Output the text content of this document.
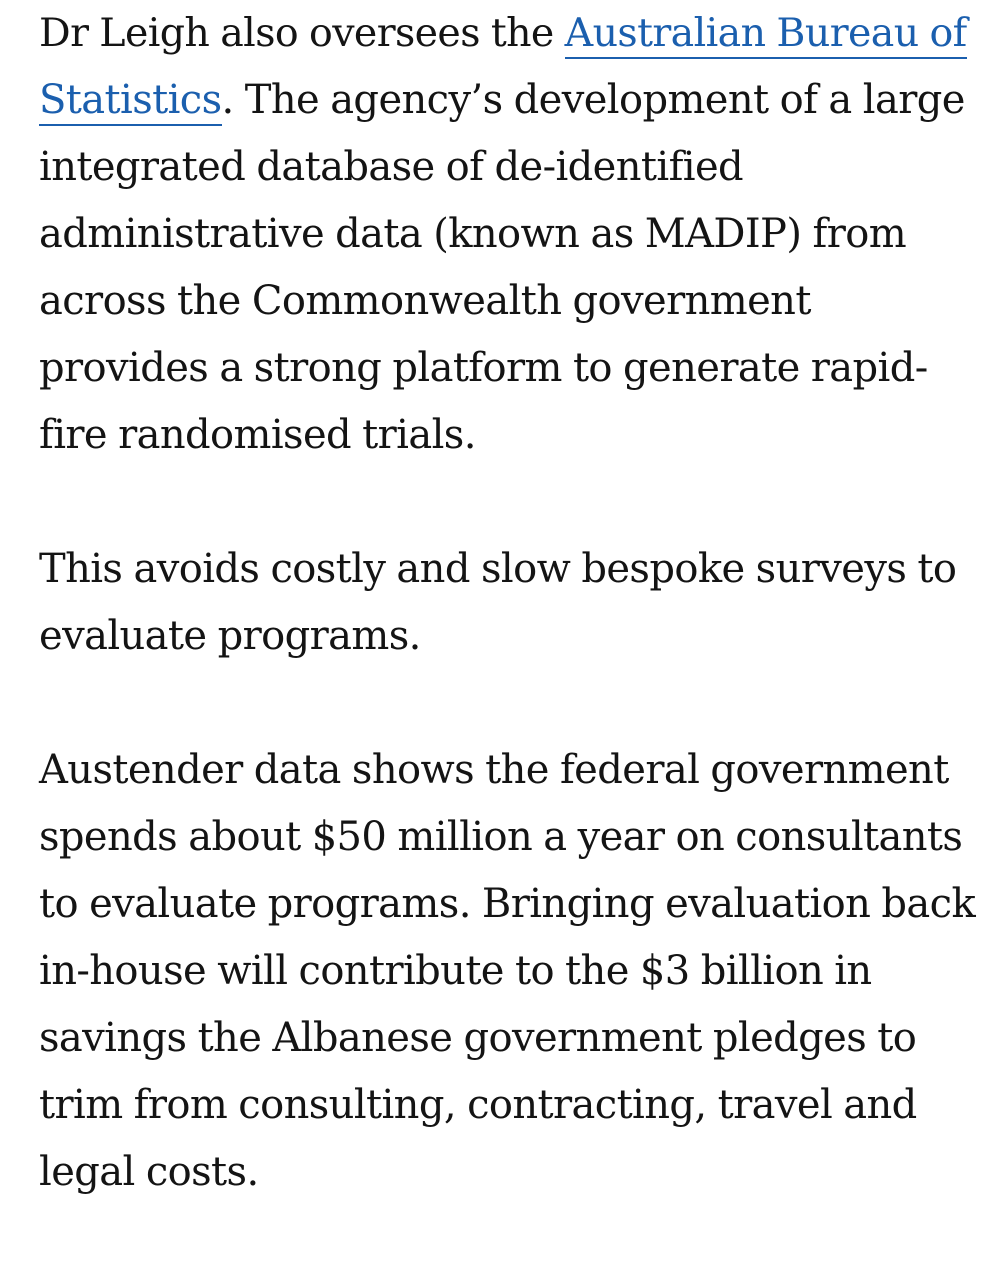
Dr Leigh also oversees the Australian Bureau of
Statistics. The agency’s development of a large
integrated database of de-identified
administrative data (known as MADIP) from
across the Commonwealth government
provides a strong platform to generate rapid-
fire randomised trials.

This avoids costly and slow bespoke surveys to
evaluate programs.

Austender data shows the federal government
spends about $50 million a year on consultants
to evaluate programs. Bringing evaluation back
in-house will contribute to the $3 billion in
savings the Albanese government pledges to
trim from consulting, contracting, travel and
legal costs.
